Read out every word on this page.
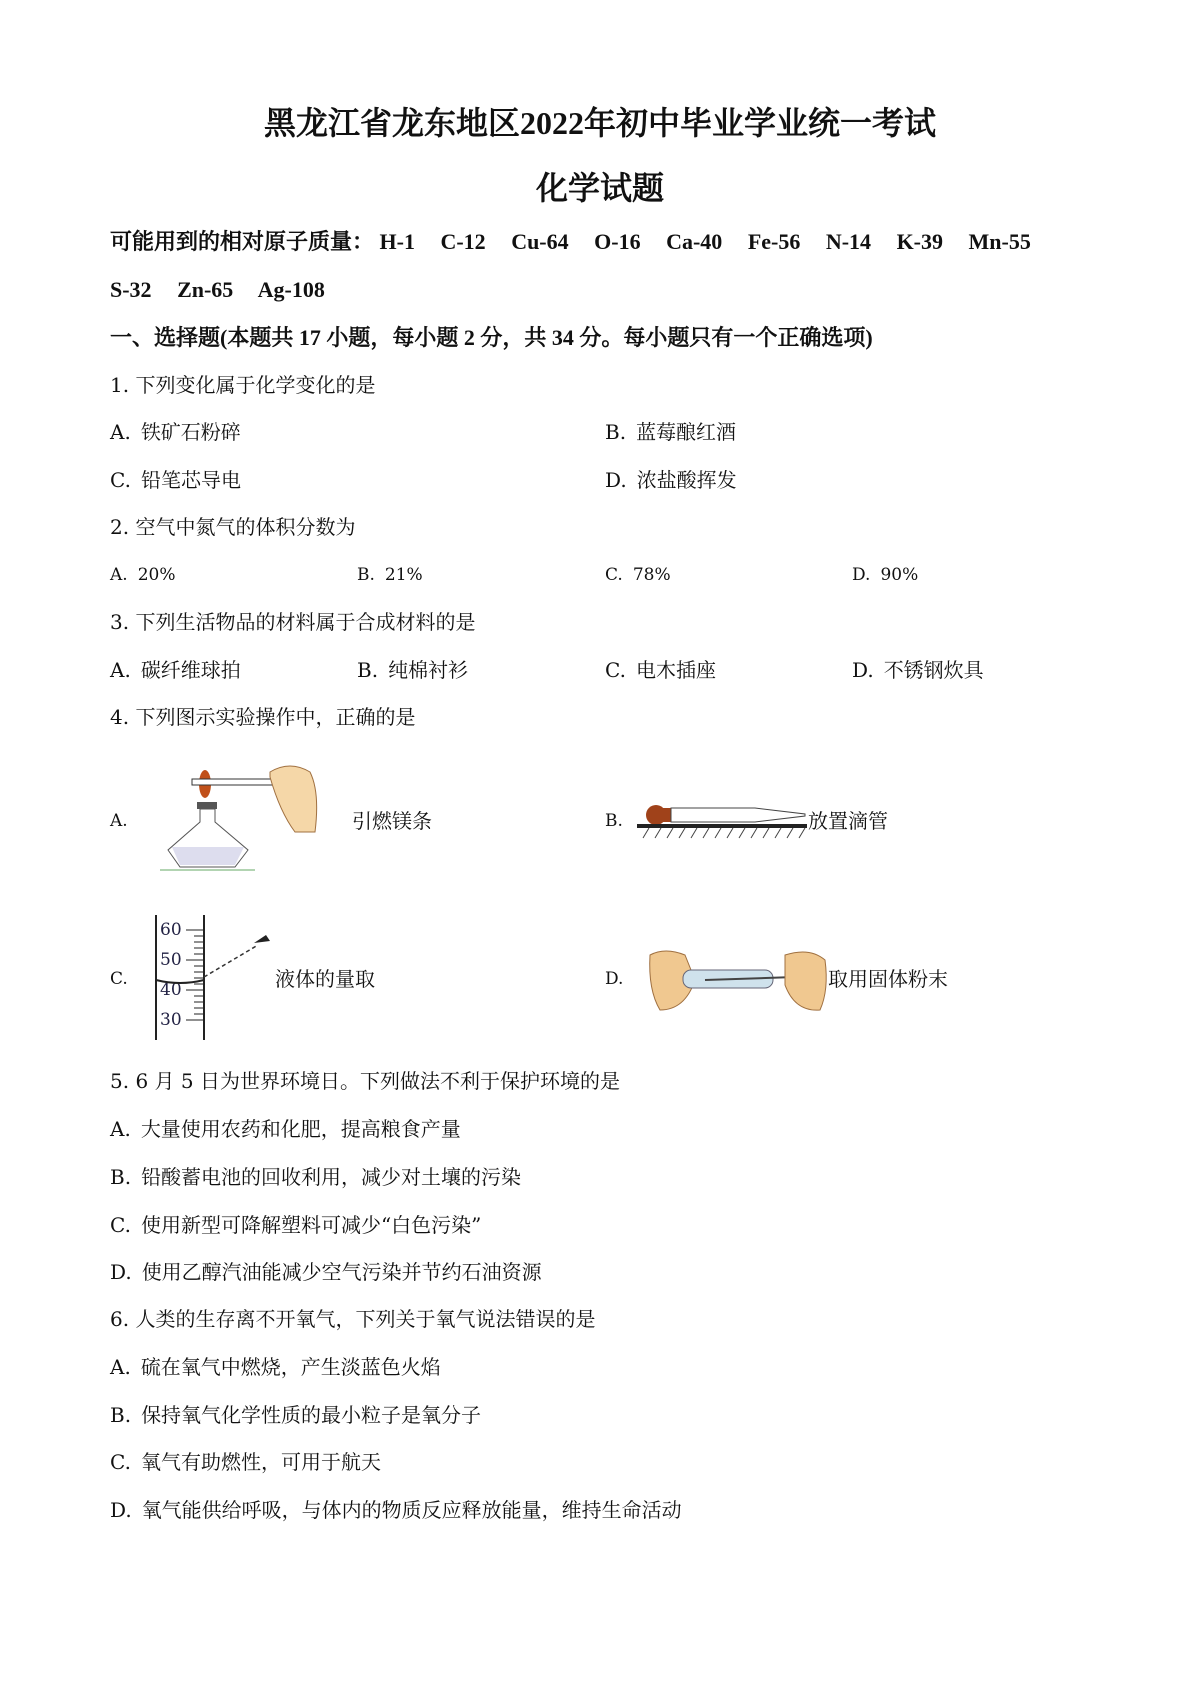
黑龙江省龙东地区2022年初中毕业学业统一考试
化学试题
可能用到的相对原子质量： H-1 C-12 Cu-64 O-16 Ca-40 Fe-56 N-14 K-39 Mn-55
S-32 Zn-65 Ag-108
一、选择题(本题共 17 小题，每小题 2 分，共 34 分。每小题只有一个正确选项)
1. 下列变化属于化学变化的是
A. 铁矿石粉碎	B. 蓝莓酿红酒
C. 铅笔芯导电	D. 浓盐酸挥发
2. 空气中氮气的体积分数为
A. 20%	B. 21%	C. 78%	D. 90%
3. 下列生活物品的材料属于合成材料的是
A. 碳纤维球拍	B. 纯棉衬衫	C. 电木插座	D. 不锈钢炊具
4. 下列图示实验操作中，正确的是
A.	引燃镁条	B.	放置滴管
C.
60
50
40
30
液体的量取	D.	取用固体粉末
5. 6 月 5 日为世界环境日。下列做法不利于保护环境的是
A. 大量使用农药和化肥，提高粮食产量
B. 铅酸蓄电池的回收利用，减少对土壤的污染
C. 使用新型可降解塑料可减少“白色污染”
D. 使用乙醇汽油能减少空气污染并节约石油资源
6. 人类的生存离不开氧气，下列关于氧气说法错误的是
A. 硫在氧气中燃烧，产生淡蓝色火焰
B. 保持氧气化学性质的最小粒子是氧分子
C. 氧气有助燃性，可用于航天
D. 氧气能供给呼吸，与体内的物质反应释放能量，维持生命活动
